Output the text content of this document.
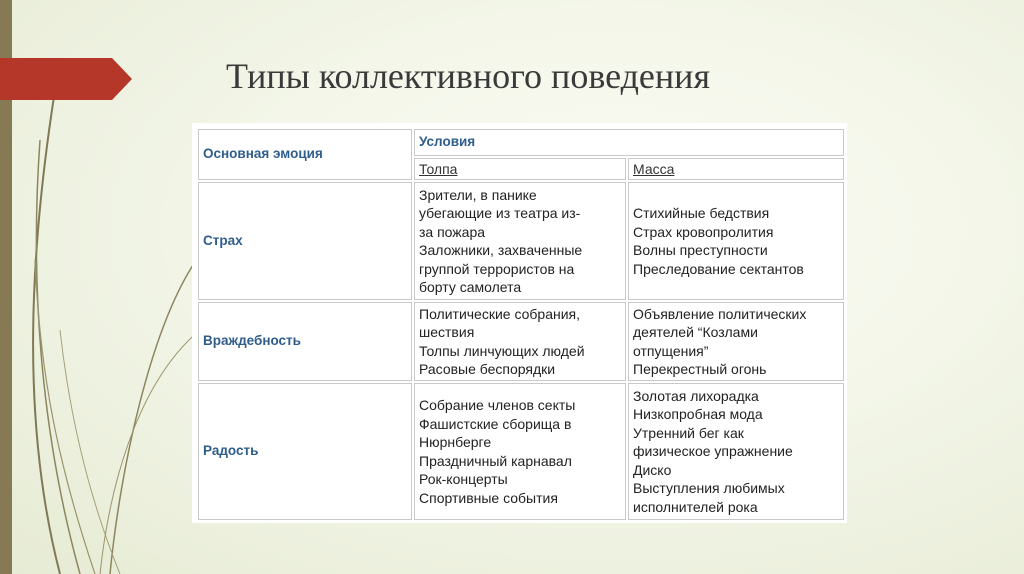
Типы коллективного поведения
Основная эмоция
Условия
Толпа	Масса
Страх
Зрители, в панике
убегающие из театра из-
за пожара
Заложники, захваченные
группой террористов на
борту самолета
Стихийные бедствия
Страх кровопролития
Волны преступности
Преследование сектантов
Враждебность
Политические собрания,
шествия
Толпы линчующих людей
Расовые беспорядки
Объявление политических
деятелей “Козлами
отпущения”
Перекрестный огонь
Радость
Собрание членов секты
Фашистские сборища в
Нюрнберге
Праздничный карнавал
Рок-концерты
Спортивные события
Золотая лихорадка
Низкопробная мода
Утренний бег как
физическое упражнение
Диско
Выступления любимых
исполнителей рока
